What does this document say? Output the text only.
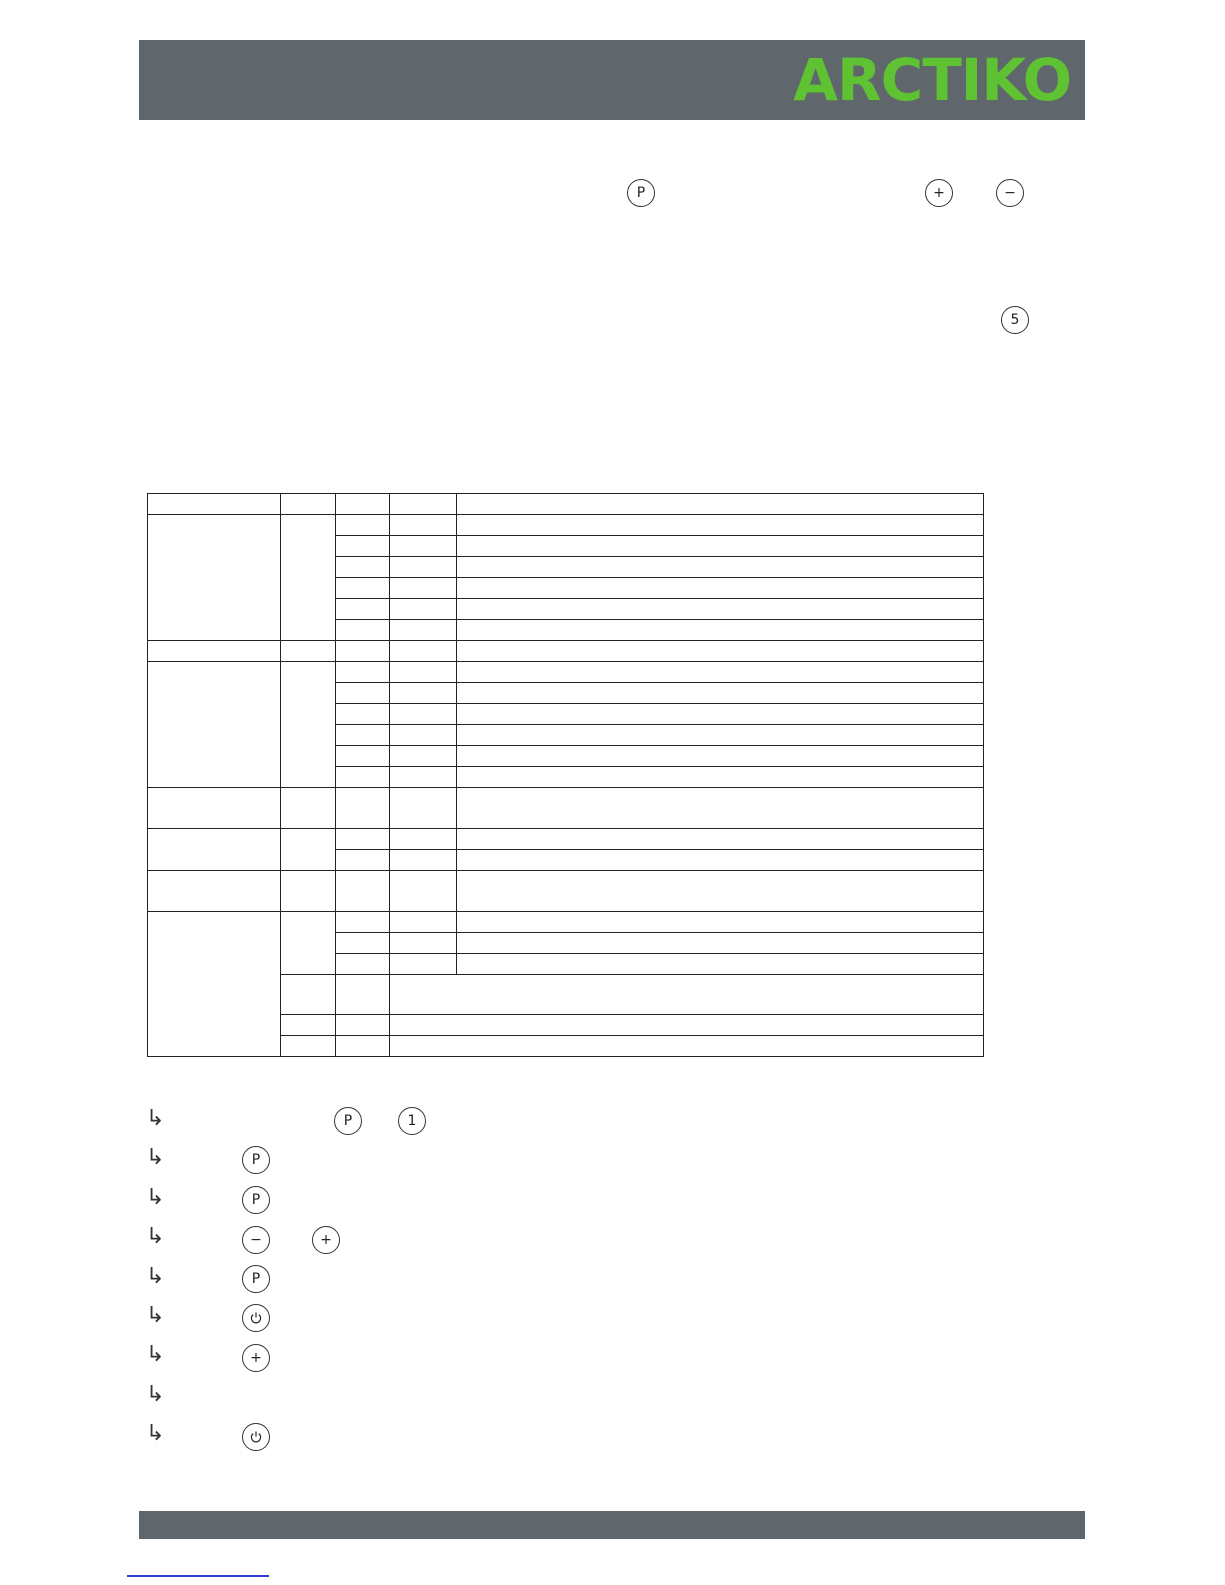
ARCTIKO
P	+	−
5

↳
↳
↳
↳
↳
↳
↳
↳
↳
P	1
P
P
−	+
P
+
